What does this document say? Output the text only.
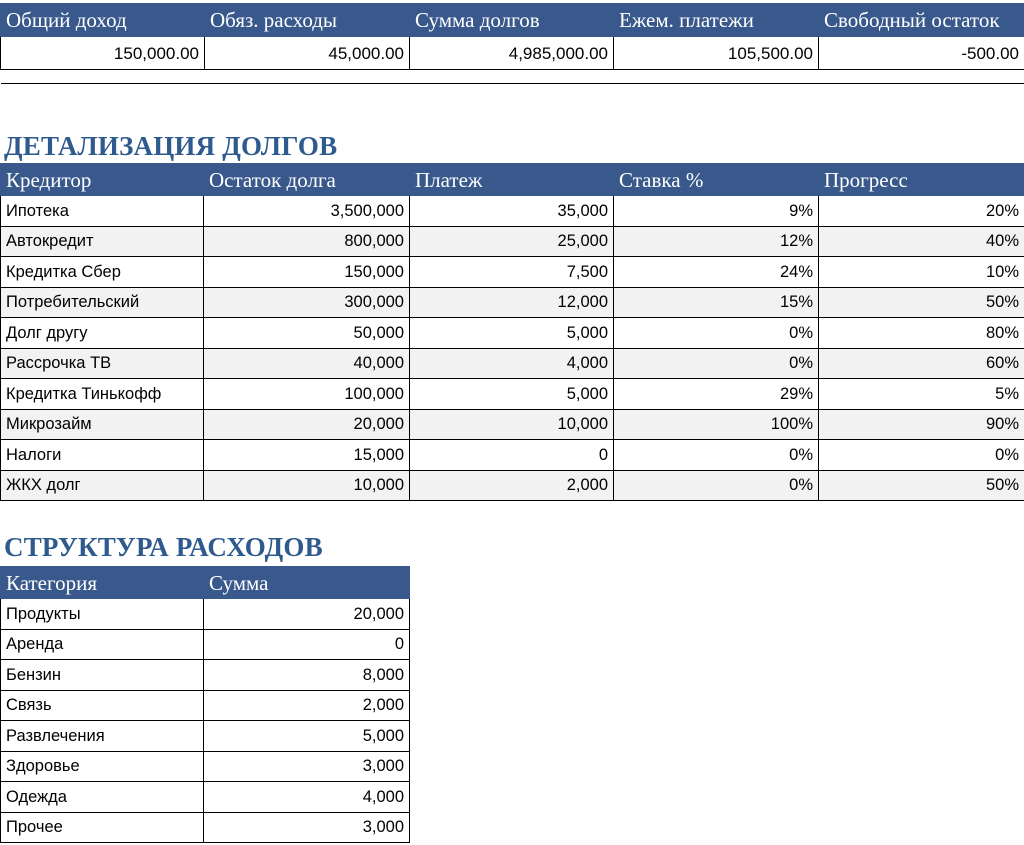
Общий доход	Обяз. расходы	Сумма долгов	Ежем. платежи	Свободный остаток
150,000.00	45,000.00	4,985,000.00	105,500.00	-500.00

ДЕТАЛИЗАЦИЯ ДОЛГОВ
Кредитор	Остаток долга	Платеж	Ставка %	Прогресс
Ипотека	3,500,000	35,000	9%	20%
Автокредит	800,000	25,000	12%	40%
Кредитка Сбер	150,000	7,500	24%	10%
Потребительский	300,000	12,000	15%	50%
Долг другу	50,000	5,000	0%	80%
Рассрочка ТВ	40,000	4,000	0%	60%
Кредитка Тинькофф	100,000	5,000	29%	5%
Микрозайм	20,000	10,000	100%	90%
Налоги	15,000	0	0%	0%
ЖКХ долг	10,000	2,000	0%	50%
СТРУКТУРА РАСХОДОВ
Категория	Сумма
Продукты	20,000
Аренда	0
Бензин	8,000
Связь	2,000
Развлечения	5,000
Здоровье	3,000
Одежда	4,000
Прочее	3,000
